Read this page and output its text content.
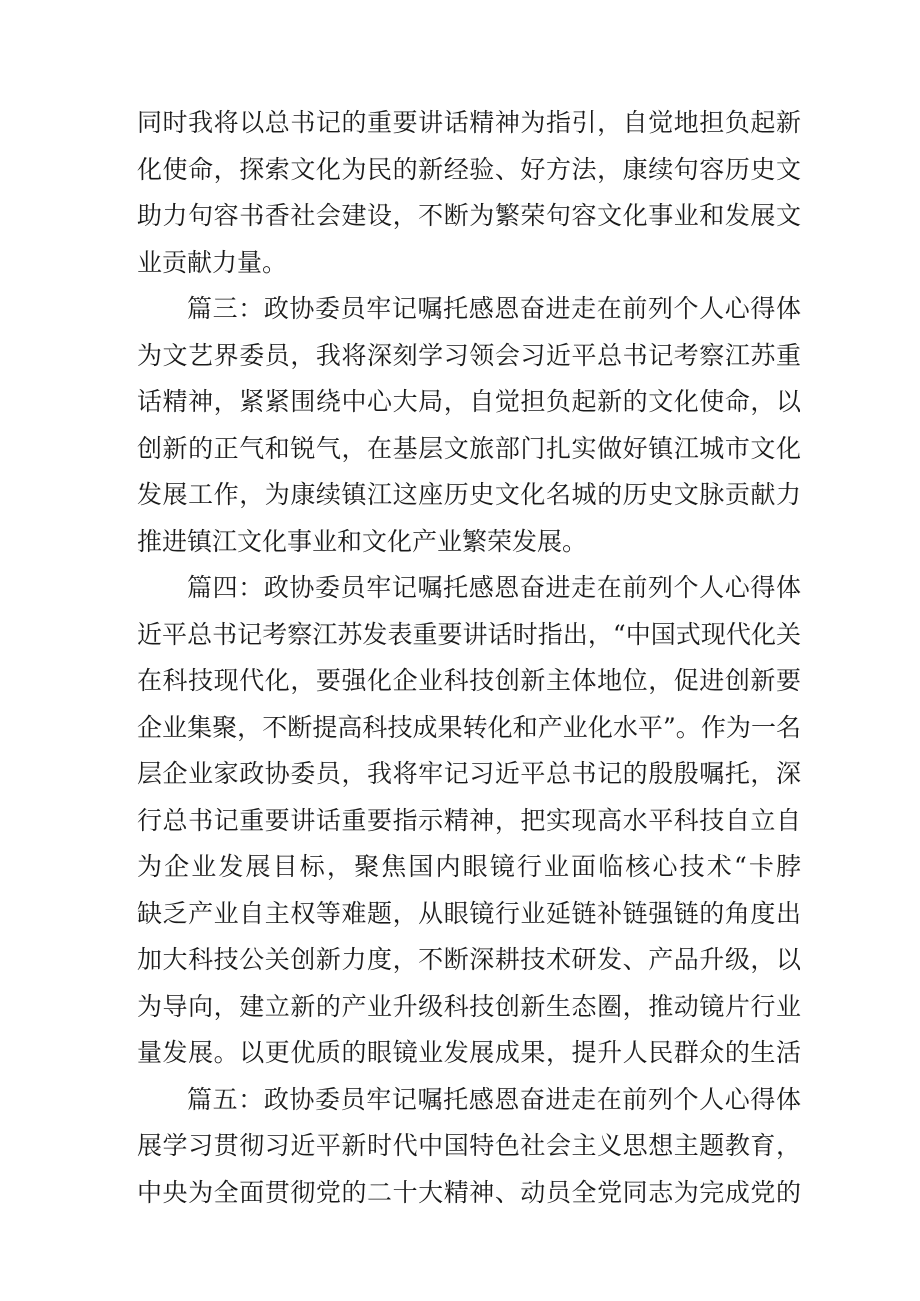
同时我将以总书记的重要讲话精神为指引，自觉地担负起新
化使命，探索文化为民的新经验、好方法，康续句容历史文
助力句容书香社会建设，不断为繁荣句容文化事业和发展文
业贡献力量。
篇三：政协委员牢记嘱托感恩奋进走在前列个人心得体
为文艺界委员，我将深刻学习领会习近平总书记考察江苏重
话精神，紧紧围绕中心大局，自觉担负起新的文化使命，以
创新的正气和锐气，在基层文旅部门扎实做好镇江城市文化
发展工作，为康续镇江这座历史文化名城的历史文脉贡献力
推进镇江文化事业和文化产业繁荣发展。
篇四：政协委员牢记嘱托感恩奋进走在前列个人心得体
近平总书记考察江苏发表重要讲话时指出，“中国式现代化关
在科技现代化，要强化企业科技创新主体地位，促进创新要
企业集聚，不断提高科技成果转化和产业化水平”。作为一名
层企业家政协委员，我将牢记习近平总书记的殷殷嘱托，深
行总书记重要讲话重要指示精神，把实现高水平科技自立自
为企业发展目标，聚焦国内眼镜行业面临核心技术“卡脖
缺乏产业自主权等难题，从眼镜行业延链补链强链的角度出
加大科技公关创新力度，不断深耕技术研发、产品升级，以
为导向，建立新的产业升级科技创新生态圈，推动镜片行业
量发展。以更优质的眼镜业发展成果，提升人民群众的生活
篇五：政协委员牢记嘱托感恩奋进走在前列个人心得体
展学习贯彻习近平新时代中国特色社会主义思想主题教育，
中央为全面贯彻党的二十大精神、动员全党同志为完成党的
